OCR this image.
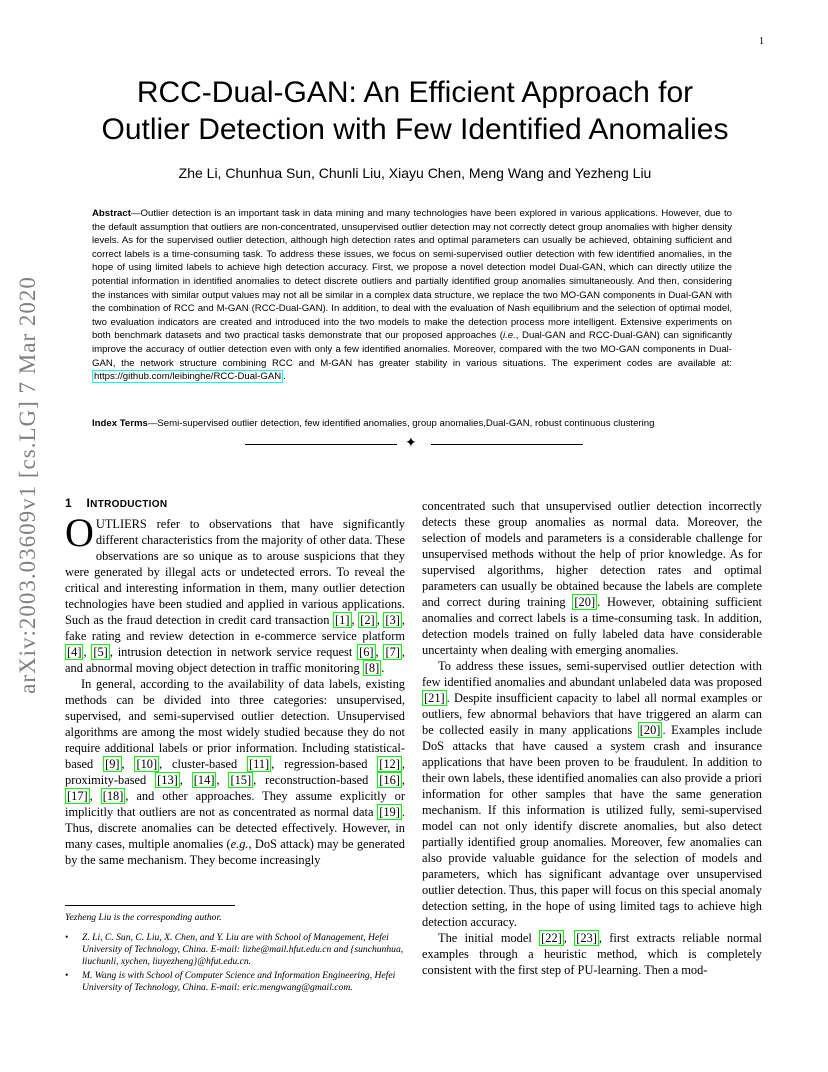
1
arXiv:2003.03609v1 [cs.LG] 7 Mar 2020
RCC-Dual-GAN: An Efficient Approach for
Outlier Detection with Few Identified Anomalies
Zhe Li, Chunhua Sun, Chunli Liu, Xiayu Chen, Meng Wang and Yezheng Liu
Abstract—Outlier detection is an important task in data mining and many technologies have been explored in various applications. However, due to the default assumption that outliers are non-concentrated, unsupervised outlier detection may not correctly detect group anomalies with higher density levels. As for the supervised outlier detection, although high detection rates and optimal parameters can usually be achieved, obtaining sufficient and correct labels is a time-consuming task. To address these issues, we focus on semi-supervised outlier detection with few identified anomalies, in the hope of using limited labels to achieve high detection accuracy. First, we propose a novel detection model Dual-GAN, which can directly utilize the potential information in identified anomalies to detect discrete outliers and partially identified group anomalies simultaneously. And then, considering the instances with similar output values may not all be similar in a complex data structure, we replace the two MO-GAN components in Dual-GAN with the combination of RCC and M-GAN (RCC-Dual-GAN). In addition, to deal with the evaluation of Nash equilibrium and the selection of optimal model, two evaluation indicators are created and introduced into the two models to make the detection process more intelligent. Extensive experiments on both benchmark datasets and two practical tasks demonstrate that our proposed approaches (i.e., Dual-GAN and RCC-Dual-GAN) can significantly improve the accuracy of outlier detection even with only a few identified anomalies. Moreover, compared with the two MO-GAN components in Dual-GAN, the network structure combining RCC and M-GAN has greater stability in various situations. The experiment codes are available at: https://github.com/leibinghe/RCC-Dual-GAN .
Index Terms—Semi-supervised outlier detection, few identified anomalies, group anomalies,Dual-GAN, robust continuous clustering
✦
1 INTRODUCTION

OUTLIERS refer to observations that have significantly different characteristics from the majority of other data. These observations are so unique as to arouse suspicions that they were generated by illegal acts or undetected errors. To reveal the critical and interesting information in them, many outlier detection technologies have been studied and applied in various applications. Such as the fraud detection in credit card transaction [1] , [2] , [3] , fake rating and review detection in e-commerce service platform [4] , [5] , intrusion detection in network service request [6] , [7] , and abnormal moving object detection in traffic monitoring [8] .

In general, according to the availability of data labels, existing methods can be divided into three categories: unsupervised, supervised, and semi-supervised outlier detection. Unsupervised algorithms are among the most widely studied because they do not require additional labels or prior information. Including statistical-based [9] , [10] , cluster-based [11] , regression-based [12] , proximity-based [13] , [14] , [15] , reconstruction-based [16] , [17] , [18] , and other approaches. They assume explicitly or implicitly that outliers are not as concentrated as normal data [19] . Thus, discrete anomalies can be detected effectively. However, in many cases, multiple anomalies (e.g., DoS attack) may be generated by the same mechanism. They become increasingly

Yezheng Liu is the corresponding author.
• Z. Li, C. Sun, C. Liu, X. Chen, and Y. Liu are with School of Management, Hefei University of Technology, China. E-mail: lizhe@mail.hfut.edu.cn and {sunchunhua, liuchunli, xychen, liuyezheng}@hfut.edu.cn.
• M. Wang is with School of Computer Science and Information Engineering, Hefei University of Technology, China. E-mail: eric.mengwang@gmail.com.

concentrated such that unsupervised outlier detection incorrectly detects these group anomalies as normal data. Moreover, the selection of models and parameters is a considerable challenge for unsupervised methods without the help of prior knowledge. As for supervised algorithms, higher detection rates and optimal parameters can usually be obtained because the labels are complete and correct during training [20] . However, obtaining sufficient anomalies and correct labels is a time-consuming task. In addition, detection models trained on fully labeled data have considerable uncertainty when dealing with emerging anomalies.

To address these issues, semi-supervised outlier detection with few identified anomalies and abundant unlabeled data was proposed [21] . Despite insufficient capacity to label all normal examples or outliers, few abnormal behaviors that have triggered an alarm can be collected easily in many applications [20] . Examples include DoS attacks that have caused a system crash and insurance applications that have been proven to be fraudulent. In addition to their own labels, these identified anomalies can also provide a priori information for other samples that have the same generation mechanism. If this information is utilized fully, semi-supervised model can not only identify discrete anomalies, but also detect partially identified group anomalies. Moreover, few anomalies can also provide valuable guidance for the selection of models and parameters, which has significant advantage over unsupervised outlier detection. Thus, this paper will focus on this special anomaly detection setting, in the hope of using limited tags to achieve high detection accuracy.

The initial model [22] , [23] , first extracts reliable normal examples through a heuristic method, which is completely consistent with the first step of PU-learning. Then a mod-
